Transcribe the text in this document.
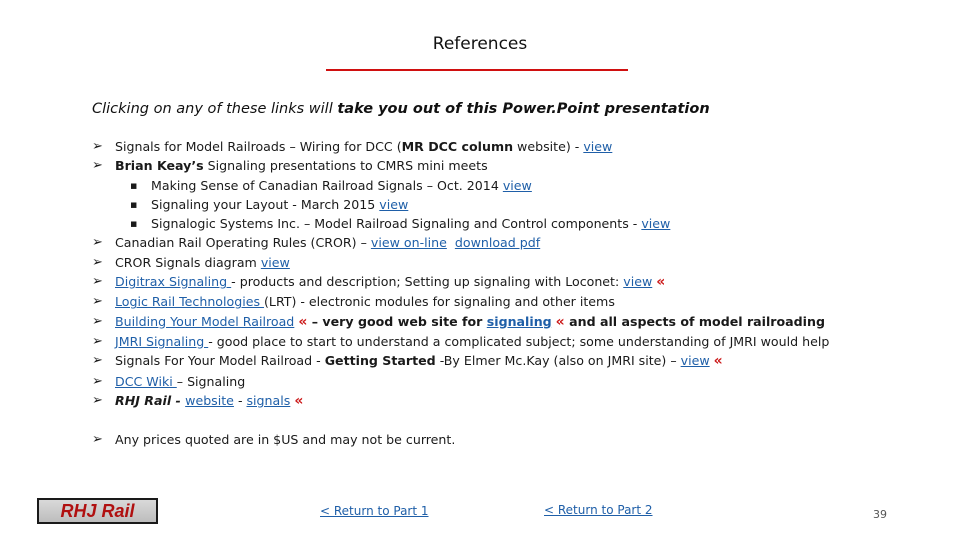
References
Clicking on any of these links will take you out of this Power.Point presentation
➢ Signals for Model Railroads – Wiring for DCC (MR DCC column website) - view
➢ Brian Keay’s Signaling presentations to CMRS mini meets
▪ Making Sense of Canadian Railroad Signals – Oct. 2014 view
▪ Signaling your Layout - March 2015 view
▪ Signalogic Systems Inc. – Model Railroad Signaling and Control components - view
➢ Canadian Rail Operating Rules (CROR) – view on-line download pdf
➢ CROR Signals diagram view
➢ Digitrax Signaling - products and description; Setting up signaling with Loconet: view «
➢ Logic Rail Technologies (LRT) - electronic modules for signaling and other items
➢ Building Your Model Railroad « – very good web site for signaling « and all aspects of model railroading
➢ JMRI Signaling - good place to start to understand a complicated subject; some understanding of JMRI would help
➢ Signals For Your Model Railroad - Getting Started -By Elmer Mc.Kay (also on JMRI site) – view «
➢ DCC Wiki – Signaling
➢ RHJ Rail - website - signals «
➢ Any prices quoted are in $US and may not be current.
RHJ Rail	< Return to Part 1	< Return to Part 2	39
